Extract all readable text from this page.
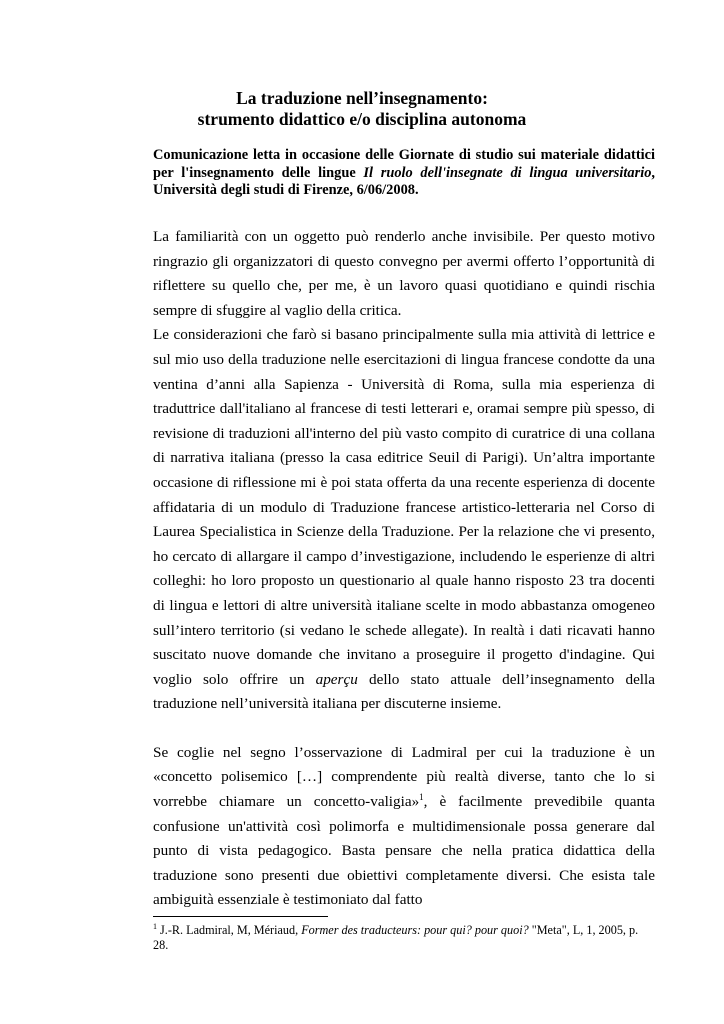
La traduzione nell’insegnamento:
strumento didattico e/o disciplina autonoma
Comunicazione letta in occasione delle Giornate di studio sui materiale didattici
per l'insegnamento delle lingue Il ruolo dell'insegnate di lingua universitario,
Università degli studi di Firenze, 6/06/2008.

La familiarità con un oggetto può renderlo anche invisibile. Per questo motivo ringrazio gli organizzatori di questo convegno per avermi offerto l’opportunità di riflettere su quello che, per me, è un lavoro quasi quotidiano e quindi rischia sempre di sfuggire al vaglio della critica.

Le considerazioni che farò si basano principalmente sulla mia attività di lettrice e sul mio uso della traduzione nelle esercitazioni di lingua francese condotte da una ventina d’anni alla Sapienza - Università di Roma, sulla mia esperienza di traduttrice dall'italiano al francese di testi letterari e, oramai sempre più spesso, di revisione di traduzioni all'interno del più vasto compito di curatrice di una collana di narrativa italiana (presso la casa editrice Seuil di Parigi). Un’altra importante occasione di riflessione mi è poi stata offerta da una recente esperienza di docente affidataria di un modulo di Traduzione francese artistico-letteraria nel Corso di Laurea Specialistica in Scienze della Traduzione. Per la relazione che vi presento, ho cercato di allargare il campo d’investigazione, includendo le esperienze di altri colleghi: ho loro proposto un questionario al quale hanno risposto 23 tra docenti di lingua e lettori di altre università italiane scelte in modo abbastanza omogeneo sull’intero territorio (si vedano le schede allegate). In realtà i dati ricavati hanno suscitato nuove domande che invitano a proseguire il progetto d'indagine. Qui voglio solo offrire un aperçu dello stato attuale dell’insegnamento della traduzione nell’università italiana per discuterne insieme.

Se coglie nel segno l’osservazione di Ladmiral per cui la traduzione è un «concetto polisemico […] comprendente più realtà diverse, tanto che lo si vorrebbe chiamare un concetto-valigia»$^1$, è facilmente prevedibile quanta confusione un'attività così polimorfa e multidimensionale possa generare dal punto di vista pedagogico. Basta pensare che nella pratica didattica della traduzione sono presenti due obiettivi completamente diversi. Che esista tale ambiguità essenziale è testimoniato dal fatto

$^1$ J.-R. Ladmiral, M, Mériaud, Former des traducteurs: pour qui? pour quoi? "Meta", L, 1, 2005, p. 28.
